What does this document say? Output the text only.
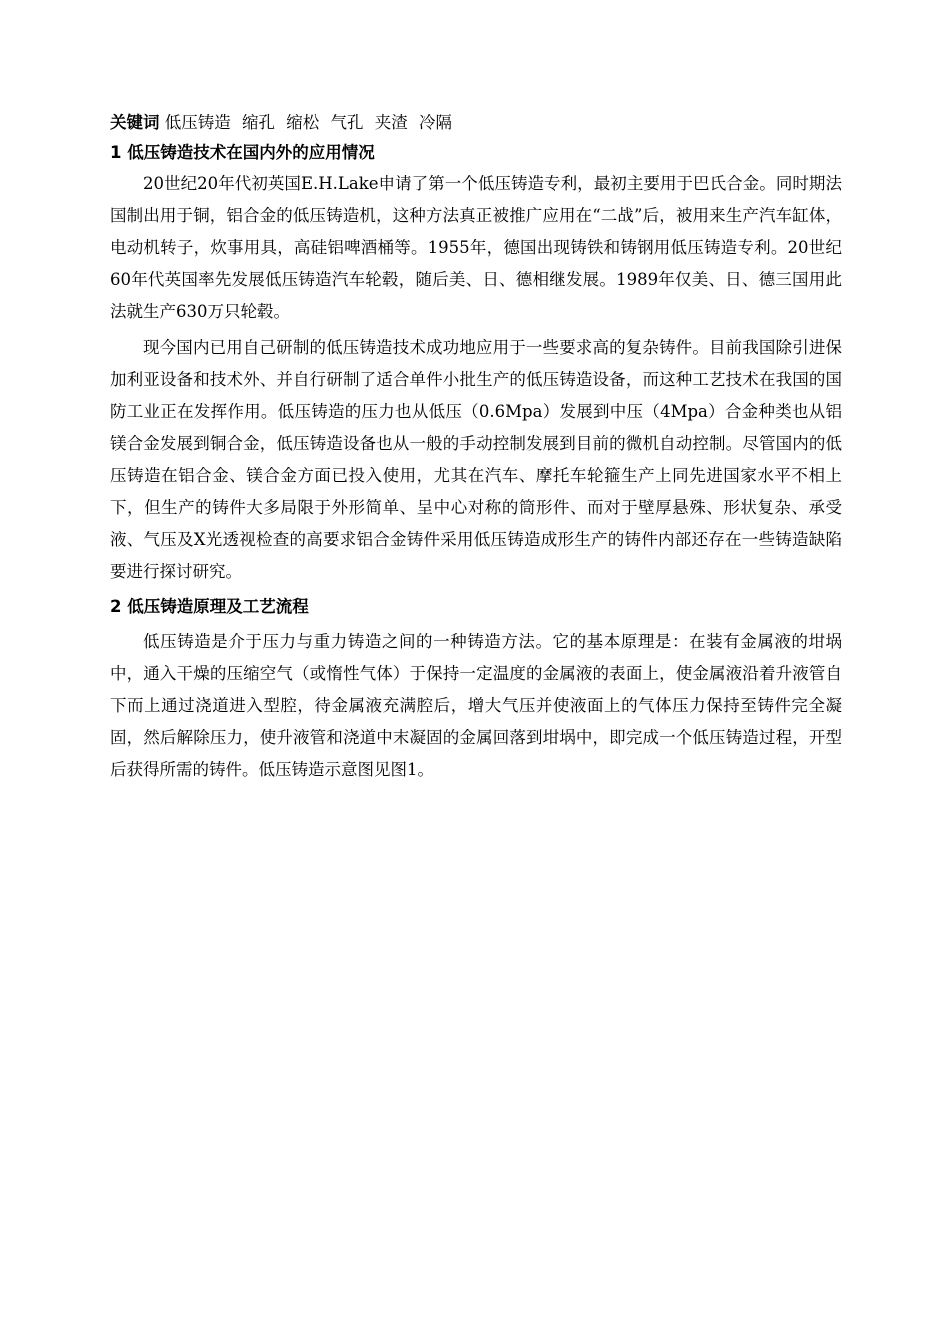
关键词 低压铸造 缩孔 缩松 气孔 夹渣 冷隔
1 低压铸造技术在国内外的应用情况

20世纪20年代初英国E.H.Lake申请了第一个低压铸造专利，最初主要用于巴氏合金。同时期法国制出用于铜，铝合金的低压铸造机，这种方法真正被推广应用在“二战”后，被用来生产汽车缸体，电动机转子，炊事用具，高硅铝啤酒桶等。1955年，德国出现铸铁和铸钢用低压铸造专利。20世纪60年代英国率先发展低压铸造汽车轮毂，随后美、日、德相继发展。1989年仅美、日、德三国用此法就生产630万只轮毂。

现今国内已用自己研制的低压铸造技术成功地应用于一些要求高的复杂铸件。目前我国除引进保加利亚设备和技术外、并自行研制了适合单件小批生产的低压铸造设备，而这种工艺技术在我国的国防工业正在发挥作用。低压铸造的压力也从低压（0.6Mpa）发展到中压（4Mpa）合金种类也从铝镁合金发展到铜合金，低压铸造设备也从一般的手动控制发展到目前的微机自动控制。尽管国内的低压铸造在铝合金、镁合金方面已投入使用，尤其在汽车、摩托车轮箍生产上同先进国家水平不相上下，但生产的铸件大多局限于外形简单、呈中心对称的筒形件、而对于壁厚悬殊、形状复杂、承受液、气压及X光透视检查的高要求铝合金铸件采用低压铸造成形生产的铸件内部还存在一些铸造缺陷要进行探讨研究。

2 低压铸造原理及工艺流程

低压铸造是介于压力与重力铸造之间的一种铸造方法。它的基本原理是：在装有金属液的坩埚中，通入干燥的压缩空气（或惰性气体）于保持一定温度的金属液的表面上，使金属液沿着升液管自下而上通过浇道进入型腔，待金属液充满腔后，增大气压并使液面上的气体压力保持至铸件完全凝固，然后解除压力，使升液管和浇道中末凝固的金属回落到坩埚中，即完成一个低压铸造过程，开型后获得所需的铸件。低压铸造示意图见图1。
